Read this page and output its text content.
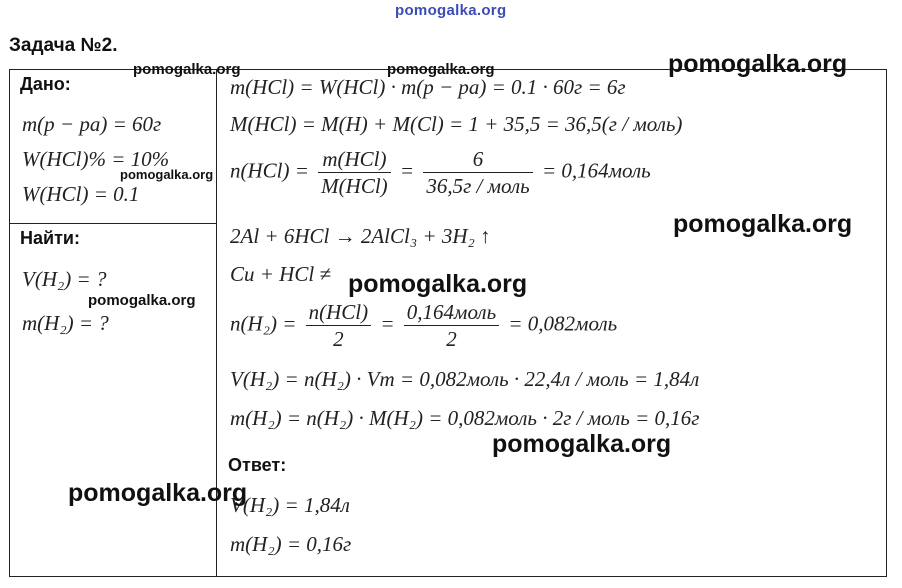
pomogalka.org
Задача №2.
Дано:
m(p − pa) = 60г
W(HCl)% = 10%
W(HCl) = 0.1
Найти:
V(H₂) = ?
m(H₂) = ?
m(HCl) = W(HCl) · m(p − pa) = 0.1 · 60г = 6г
M(HCl) = M(H) + M(Cl) = 1 + 35,5 = 36,5(г / моль)
$n(HCl) = \frac{\text{m(HCl)}}{\text{M(HCl)}} = \frac{6}{\text{36,5г / моль}}$ = 0,164моль
2Al + 6HCl → 2AlCl₃ + 3H₂ ↑
Cu + HCl ≠
$n(H_2) = \frac{\text{n(HCl)}}{2} = \frac{\text{0,164моль}}{2}$ = 0,082моль
V(H₂) = n(H₂) · Vm = 0,082моль · 22,4л / моль = 1,84л
m(H₂) = n(H₂) · M(H₂) = 0,082моль · 2г / моль = 0,16г
Ответ:
V(H₂) = 1,84л
m(H₂) = 0,16г
pomogalka.org	pomogalka.org	pomogalka.org
pomogalka.org
pomogalka.org
pomogalka.org
pomogalka.org
pomogalka.org
pomogalka.org
